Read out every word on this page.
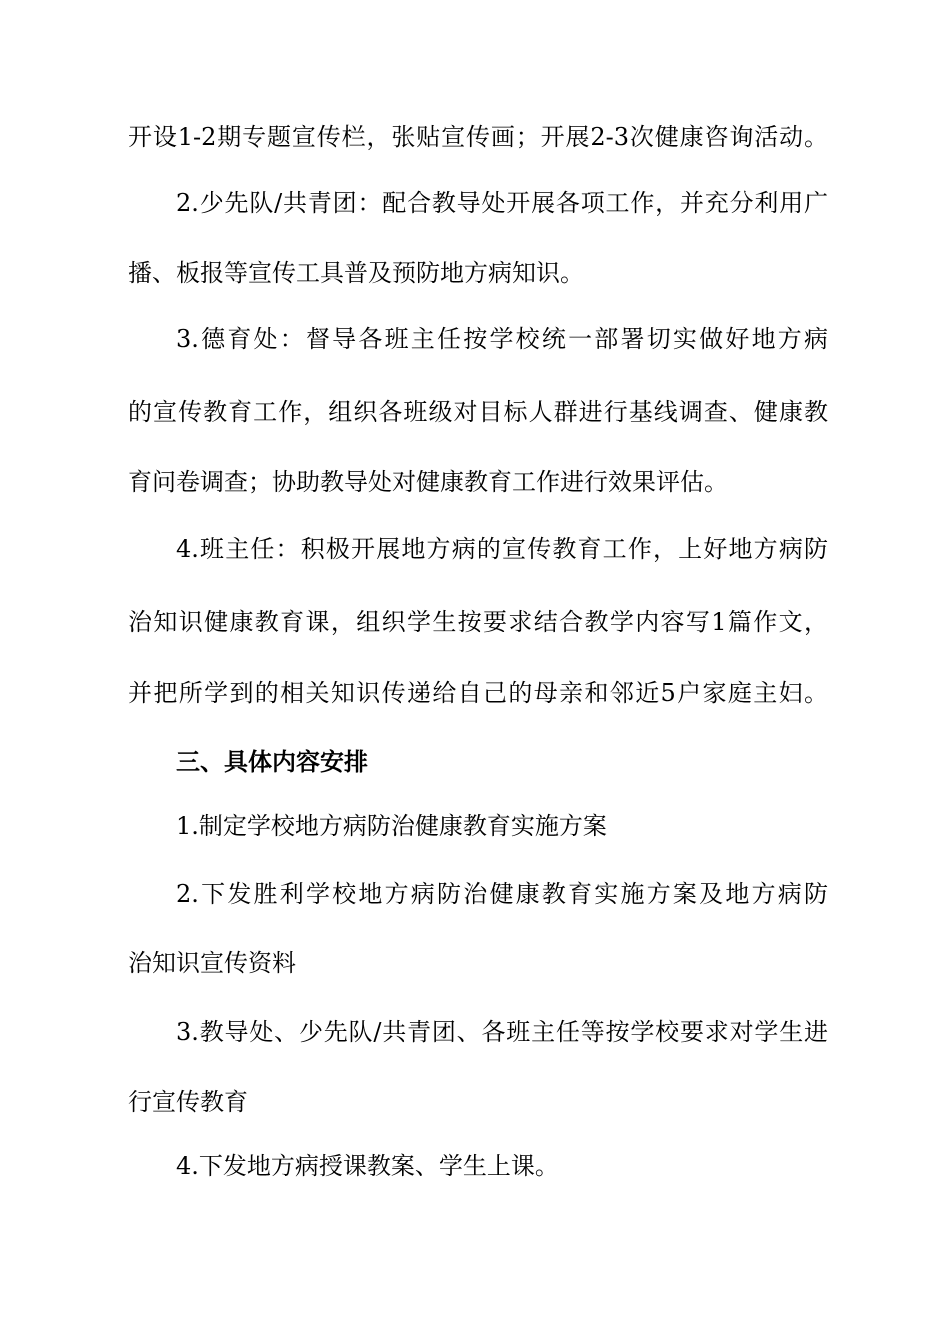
开设1-2期专题宣传栏，张贴宣传画；开展2-3次健康咨询活动。
2.少先队/共青团：配合教导处开展各项工作，并充分利用广
播、板报等宣传工具普及预防地方病知识。
3.德育处：督导各班主任按学校统一部署切实做好地方病
的宣传教育工作，组织各班级对目标人群进行基线调查、健康教
育问卷调查；协助教导处对健康教育工作进行效果评估。
4.班主任：积极开展地方病的宣传教育工作，上好地方病防
治知识健康教育课，组织学生按要求结合教学内容写1篇作文，
并把所学到的相关知识传递给自己的母亲和邻近5户家庭主妇。
三、具体内容安排
1.制定学校地方病防治健康教育实施方案
2.下发胜利学校地方病防治健康教育实施方案及地方病防
治知识宣传资料
3.教导处、少先队/共青团、各班主任等按学校要求对学生进
行宣传教育
4.下发地方病授课教案、学生上课。
